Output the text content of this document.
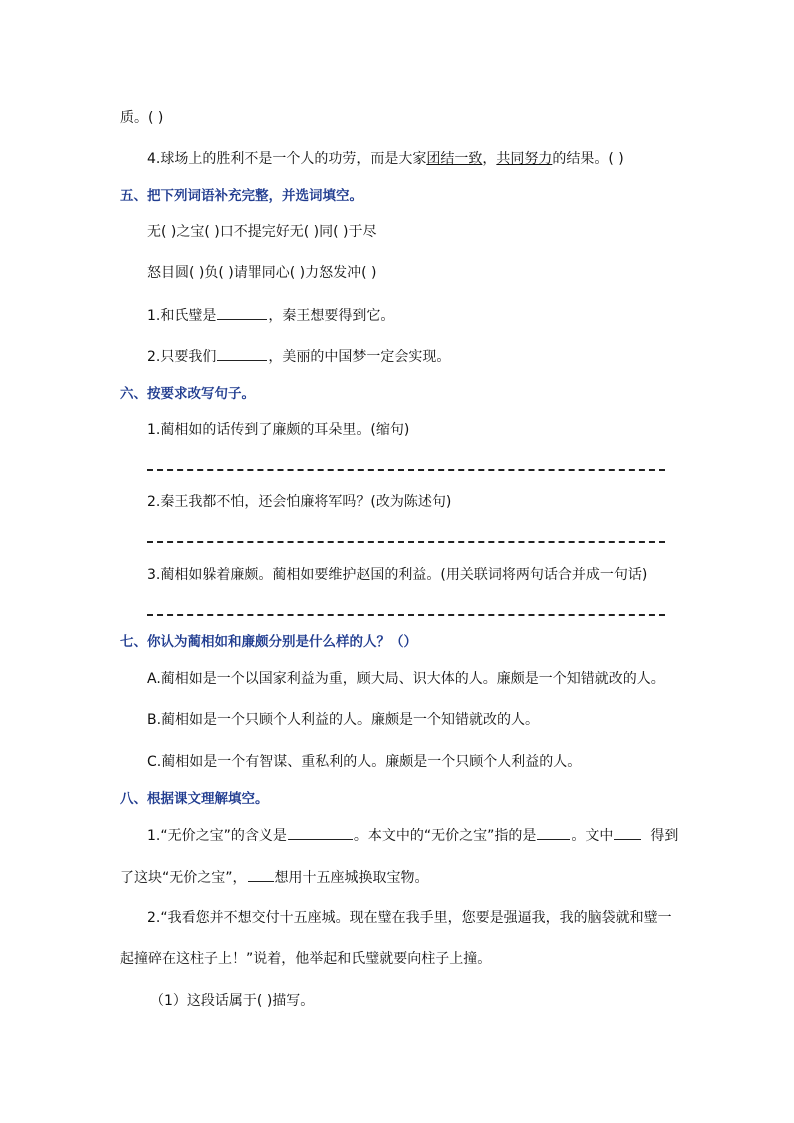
质。( )
4.球场上的胜利不是一个人的功劳，而是大家团结一致，共同努力的结果。( )
五、把下列词语补充完整，并选词填空。
无( )之宝( )口不提完好无( )同( )于尽
怒目圆( )负( )请罪同心( )力怒发冲( )
1.和氏璧是	，秦王想要得到它。
2.只要我们	，美丽的中国梦一定会实现。
六、按要求改写句子。
1.蔺相如的话传到了廉颇的耳朵里。(缩句)
2.秦王我都不怕，还会怕廉将军吗？(改为陈述句)
3.蔺相如躲着廉颇。蔺相如要维护赵国的利益。(用关联词将两句话合并成一句话)
七、你认为蔺相如和廉颇分别是什么样的人？（）
A.蔺相如是一个以国家利益为重，顾大局、识大体的人。廉颇是一个知错就改的人。
B.蔺相如是一个只顾个人利益的人。廉颇是一个知错就改的人。
C.蔺相如是一个有智谋、重私利的人。廉颇是一个只顾个人利益的人。
八、根据课文理解填空。
1.“无价之宝”的含义是	。本文中的“无价之宝”指的是	。文中	得到
了这块“无价之宝”， 想用十五座城换取宝物。
2.“我看您并不想交付十五座城。现在璧在我手里，您要是强逼我，我的脑袋就和璧一
起撞碎在这柱子上！”说着，他举起和氏璧就要向柱子上撞。
（1）这段话属于( )描写。
